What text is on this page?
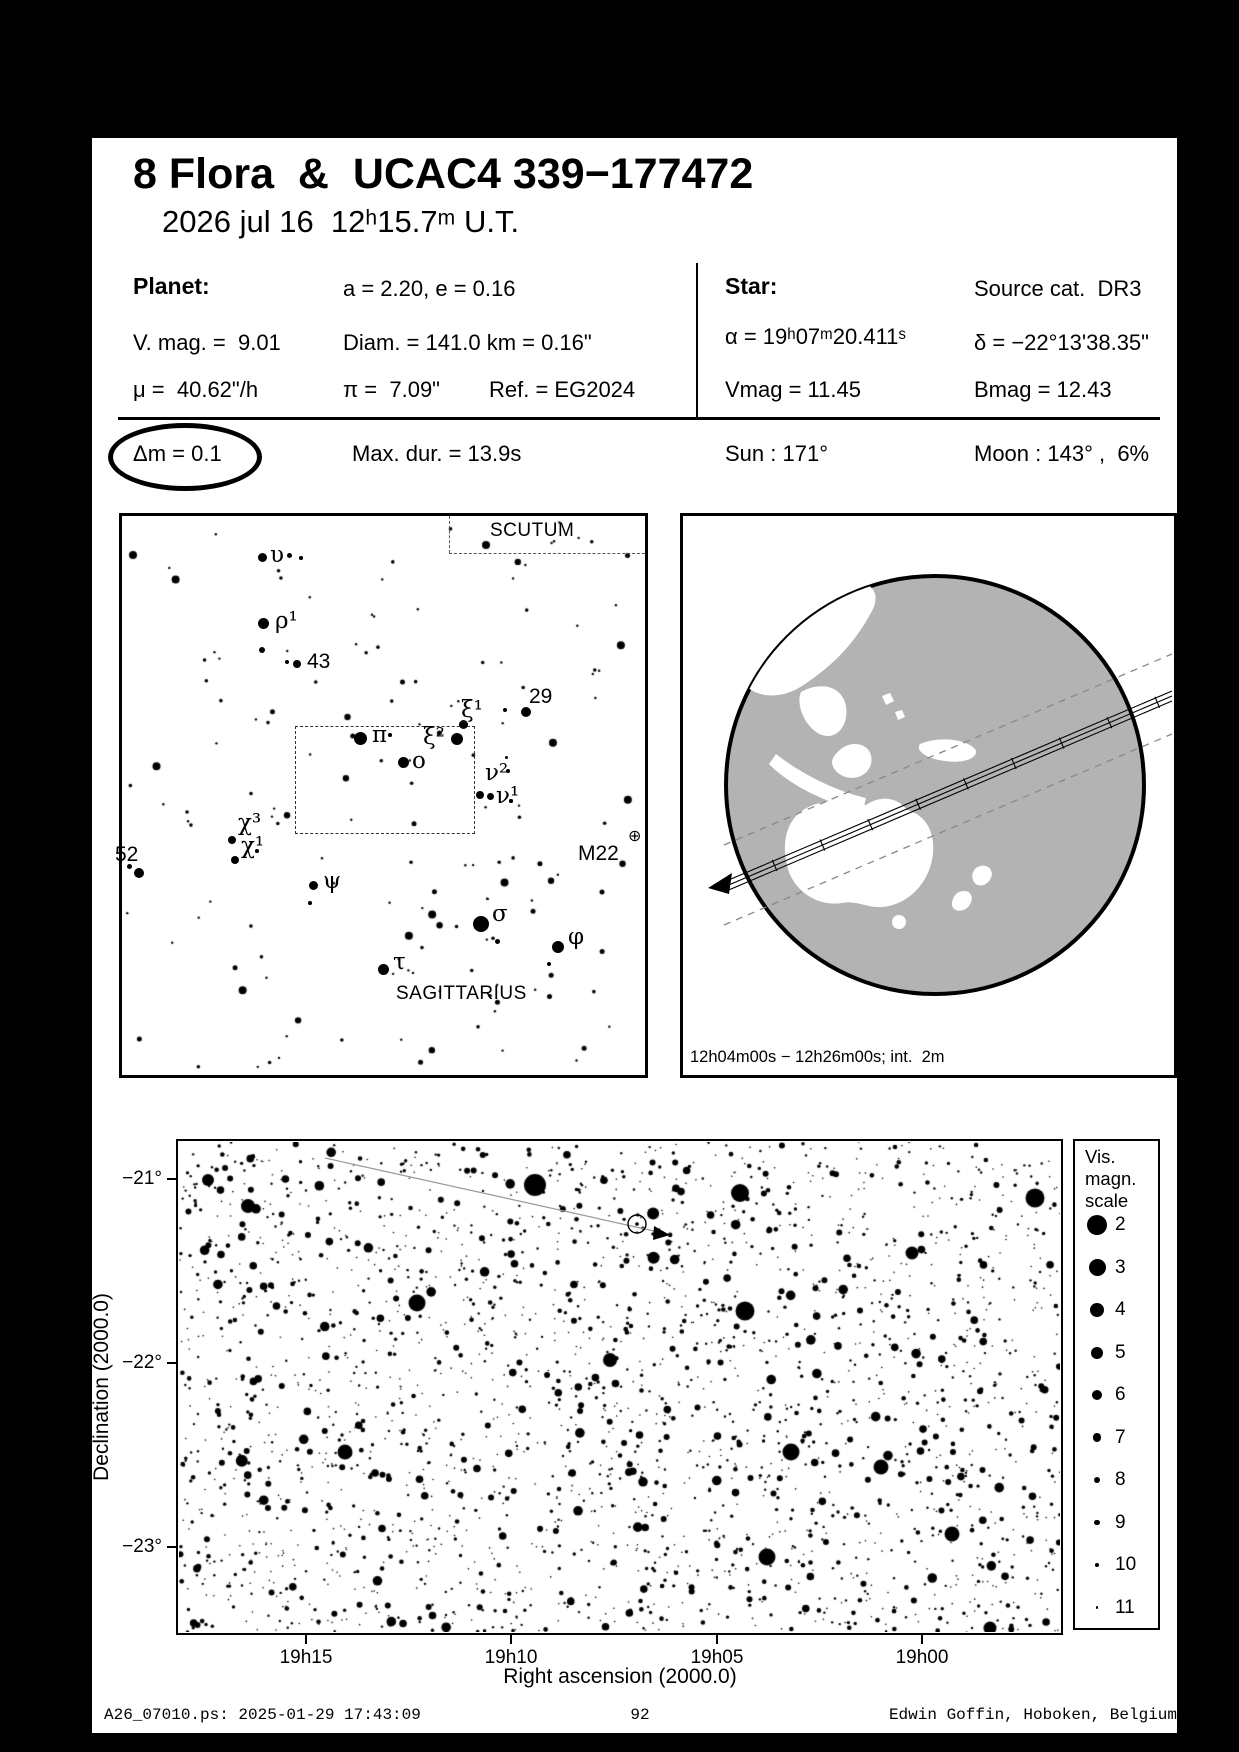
8 Flora  &  UCAC4 339−177472
2026 jul 16  12ʰ15.7ᵐ U.T.
Planet:	a = 2.20, e = 0.16
V. mag. =  9.01	Diam. = 141.0 km = 0.16"
μ =  40.62"/h	π =  7.09" Ref. = EG2024
Star:	Source cat.  DR3
α = 19ʰ07ᵐ20.411ˢ	δ = −22°13'38.35"
Vmag = 11.45	Bmag = 12.43
Δm = 0.1	Max. dur. = 13.9s	Sun : 171°	Moon : 143° ,  6%
SCUTUM
υ
ρ¹
43
29
ξ¹
ξ²
π
ο	ν²
ν¹
χ³
χ¹
52
ψ
σ
φ
τ
M22
⊕
SAGITTARIUS
12h04m00s − 12h26m00s; int.  2m
−21°
−22°
−23°
19h15	19h10	19h05	19h00
Right ascension (2000.0)
Declination (2000.0)
Vis.
magn.
scale
2
3
4
5
6
7
8
9
10
11
A26_07010.ps: 2025-01-29 17:43:09	92	Edwin Goffin, Hoboken, Belgium
